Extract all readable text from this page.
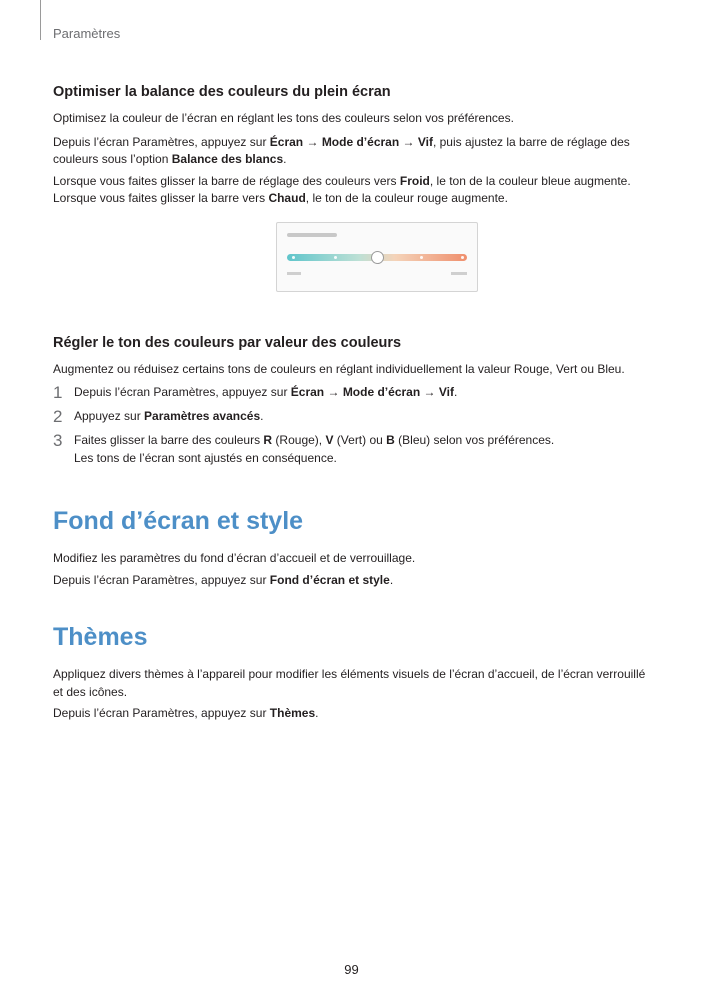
Paramètres
Optimiser la balance des couleurs du plein écran

Optimisez la couleur de l’écran en réglant les tons des couleurs selon vos préférences.

Depuis l’écran Paramètres, appuyez sur Écran → Mode d’écran → Vif, puis ajustez la barre de réglage des couleurs sous l’option Balance des blancs.

Lorsque vous faites glisser la barre de réglage des couleurs vers Froid, le ton de la couleur bleue augmente. Lorsque vous faites glisser la barre vers Chaud, le ton de la couleur rouge augmente.

Régler le ton des couleurs par valeur des couleurs

Augmentez ou réduisez certains tons de couleurs en réglant individuellement la valeur Rouge, Vert ou Bleu.

1 Depuis l’écran Paramètres, appuyez sur Écran → Mode d’écran → Vif.

2 Appuyez sur Paramètres avancés.

3 Faites glisser la barre des couleurs R (Rouge), V (Vert) ou B (Bleu) selon vos préférences.

Les tons de l’écran sont ajustés en conséquence.

Fond d’écran et style

Modifiez les paramètres du fond d’écran d’accueil et de verrouillage.

Depuis l’écran Paramètres, appuyez sur Fond d’écran et style.

Thèmes

Appliquez divers thèmes à l’appareil pour modifier les éléments visuels de l’écran d’accueil, de l’écran verrouillé et des icônes.

Depuis l’écran Paramètres, appuyez sur Thèmes.

99
